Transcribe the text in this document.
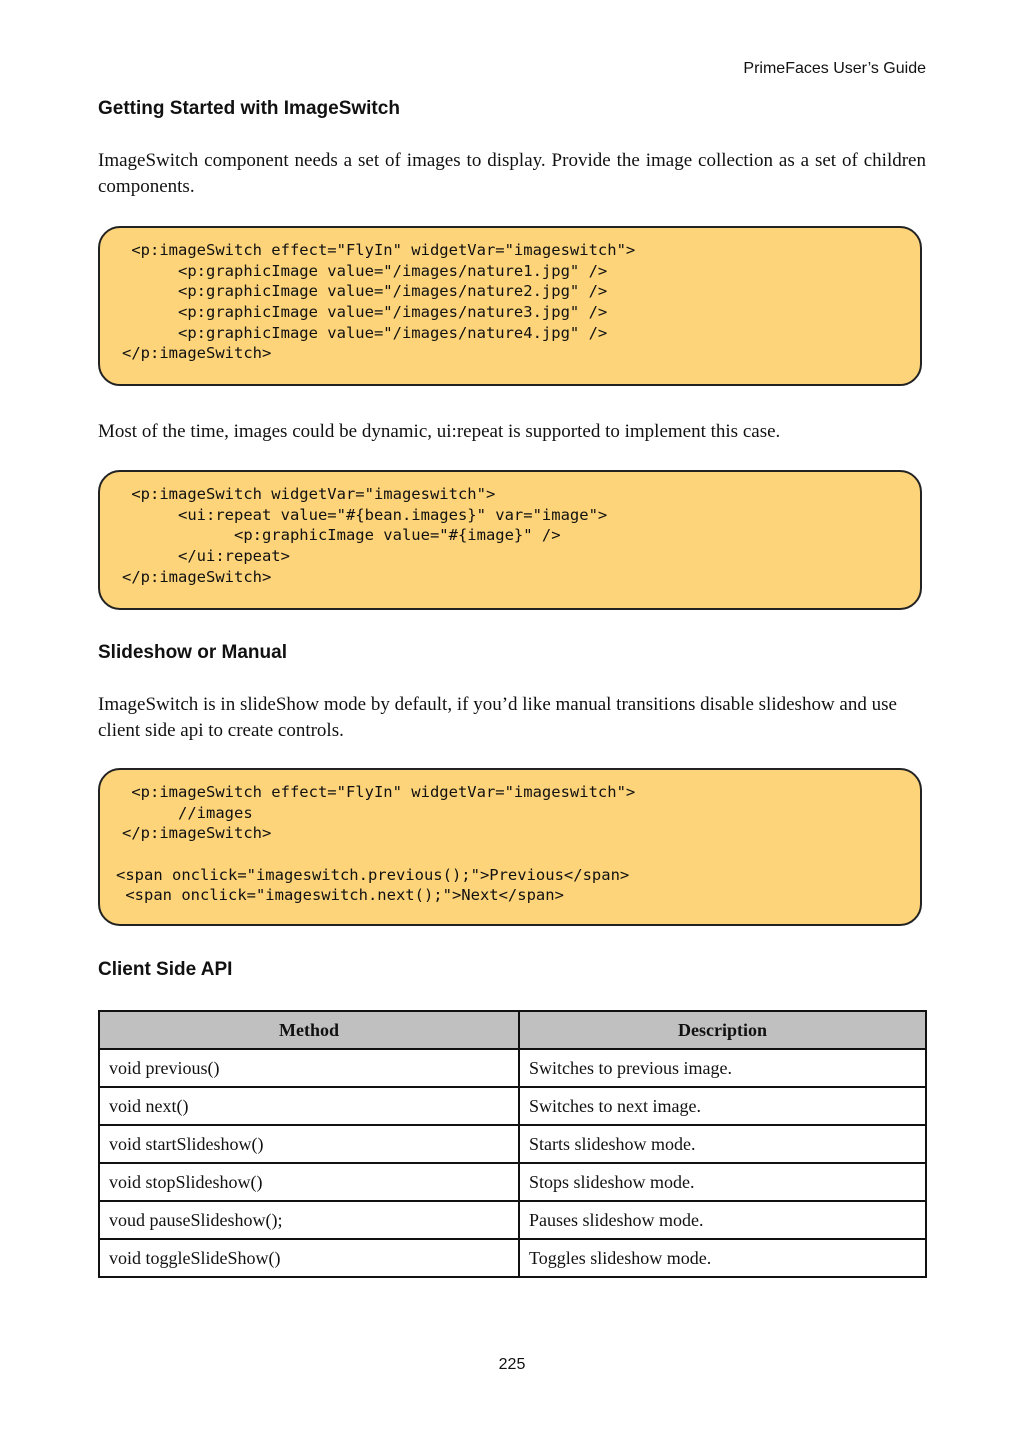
PrimeFaces User’s Guide
Getting Started with ImageSwitch

ImageSwitch component needs a set of images to display. Provide the image collection as a set of children components.

<p:imageSwitch effect="FlyIn" widgetVar="imageswitch">
<p:graphicImage value="/images/nature1.jpg" />
<p:graphicImage value="/images/nature2.jpg" />
<p:graphicImage value="/images/nature3.jpg" />
<p:graphicImage value="/images/nature4.jpg" />
</p:imageSwitch>

Most of the time, images could be dynamic, ui:repeat is supported to implement this case.

<p:imageSwitch widgetVar="imageswitch">
<ui:repeat value="#{bean.images}" var="image">
<p:graphicImage value="#{image}" />
</ui:repeat>
</p:imageSwitch>
Slideshow or Manual

ImageSwitch is in slideShow mode by default, if you’d like manual transitions disable slideshow and use client side api to create controls.

<p:imageSwitch effect="FlyIn" widgetVar="imageswitch">
//images
</p:imageSwitch>
<span onclick="imageswitch.previous();">Previous</span>
<span onclick="imageswitch.next();">Next</span>
Client Side API
Method	Description
void previous()	Switches to previous image.
void next()	Switches to next image.
void startSlideshow()	Starts slideshow mode.
void stopSlideshow()	Stops slideshow mode.
voud pauseSlideshow();	Pauses slideshow mode.
void toggleSlideShow()	Toggles slideshow mode.
225
